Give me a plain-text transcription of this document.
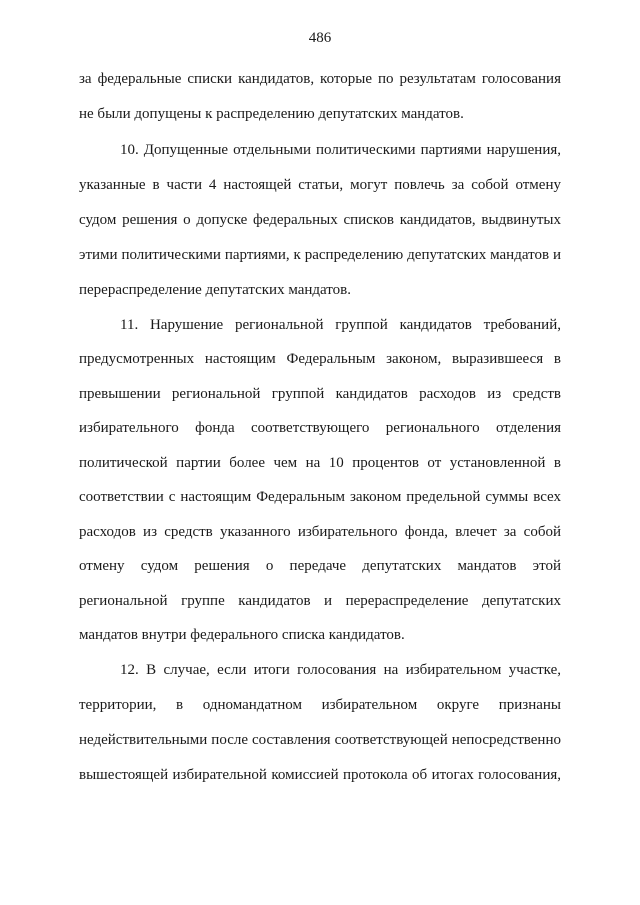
486
за федеральные списки кандидатов, которые по результатам голосования
не были допущены к распределению депутатских мандатов.
10. Допущенные отдельными политическими партиями нарушения,
указанные в части 4 настоящей статьи, могут повлечь за собой отмену
судом решения о допуске федеральных списков кандидатов, выдвинутых
этими политическими партиями, к распределению депутатских мандатов и
перераспределение депутатских мандатов.
11. Нарушение региональной группой кандидатов требований,
предусмотренных настоящим Федеральным законом, выразившееся в
превышении региональной группой кандидатов расходов из средств
избирательного фонда соответствующего регионального отделения
политической партии более чем на 10 процентов от установленной в
соответствии с настоящим Федеральным законом предельной суммы всех
расходов из средств указанного избирательного фонда, влечет за собой
отмену судом решения о передаче депутатских мандатов этой
региональной группе кандидатов и перераспределение депутатских
мандатов внутри федерального списка кандидатов.
12. В случае, если итоги голосования на избирательном участке,
территории, в одномандатном избирательном округе признаны
недействительными после составления соответствующей непосредственно
вышестоящей избирательной комиссией протокола об итогах голосования,
